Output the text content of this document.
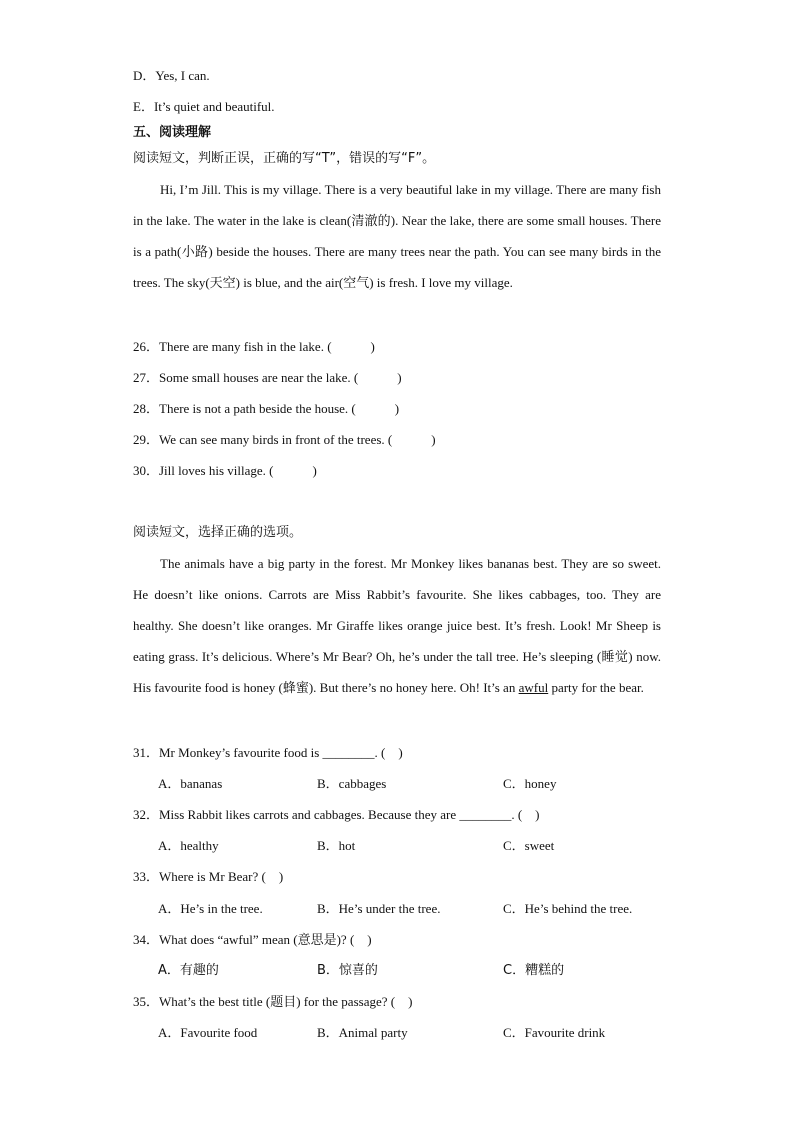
D．Yes, I can.
E．It’s quiet and beautiful.
五、阅读理解
阅读短文，判断正误，正确的写“T”，错误的写“F”。
Hi, I’m Jill. This is my village. There is a very beautiful lake in my village. There are many fish in the lake. The water in the lake is clean(清澈的). Near the lake, there are some small houses. There is a path(小路) beside the houses. There are many trees near the path. You can see many birds in the trees. The sky(天空) is blue, and the air(空气) is fresh. I love my village.
26．There are many fish in the lake. (　　　)
27．Some small houses are near the lake. (　　　)
28．There is not a path beside the house. (　　　)
29．We can see many birds in front of the trees. (　　　)
30．Jill loves his village. (　　　)
阅读短文，选择正确的选项。
The animals have a big party in the forest. Mr Monkey likes bananas best. They are so sweet. He doesn’t like onions. Carrots are Miss Rabbit’s favourite. She likes cabbages, too. They are healthy. She doesn’t like oranges. Mr Giraffe likes orange juice best. It’s fresh. Look! Mr Sheep is eating grass. It’s delicious. Where’s Mr Bear? Oh, he’s under the tall tree. He’s sleeping (睡觉) now. His favourite food is honey (蜂蜜). But there’s no honey here. Oh! It’s an awful party for the bear.
31．Mr Monkey’s favourite food is ________. (　)
A．bananas	B．cabbages	C．honey
32．Miss Rabbit likes carrots and cabbages. Because they are ________. (　)
A．healthy	B．hot	C．sweet
33．Where is Mr Bear? (　)
A．He’s in the tree.	B．He’s under the tree.	C．He’s behind the tree.
34．What does “awful” mean (意思是)? (　)
A．有趣的	B．惊喜的	C．糟糕的
35．What’s the best title (题目) for the passage? (　)
A．Favourite food	B．Animal party	C．Favourite drink
